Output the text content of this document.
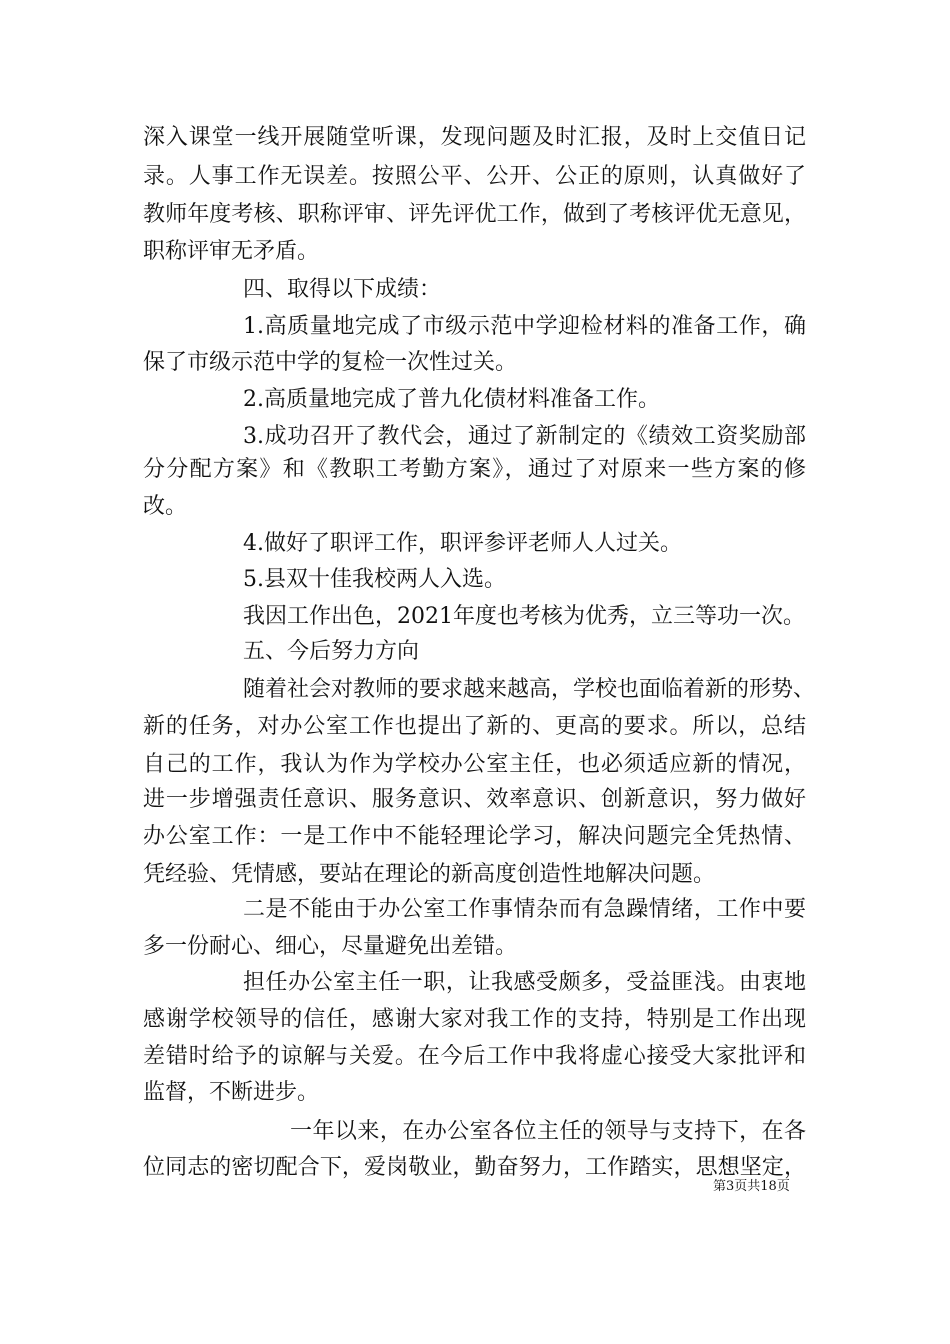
深入课堂一线开展随堂听课，发现问题及时汇报，及时上交值日记
录。人事工作无误差。按照公平、公开、公正的原则，认真做好了
教师年度考核、职称评审、评先评优工作，做到了考核评优无意见，
职称评审无矛盾。
四、取得以下成绩：
1.高质量地完成了市级示范中学迎检材料的准备工作，确
保了市级示范中学的复检一次性过关。
2.高质量地完成了普九化债材料准备工作。
3.成功召开了教代会，通过了新制定的《绩效工资奖励部
分分配方案》和《教职工考勤方案》，通过了对原来一些方案的修
改。
4.做好了职评工作，职评参评老师人人过关。
5.县双十佳我校两人入选。
我因工作出色，2021年度也考核为优秀，立三等功一次。
五、今后努力方向
随着社会对教师的要求越来越高，学校也面临着新的形势、
新的任务，对办公室工作也提出了新的、更高的要求。所以，总结
自己的工作，我认为作为学校办公室主任，也必须适应新的情况，
进一步增强责任意识、服务意识、效率意识、创新意识，努力做好
办公室工作：一是工作中不能轻理论学习，解决问题完全凭热情、
凭经验、凭情感，要站在理论的新高度创造性地解决问题。
二是不能由于办公室工作事情杂而有急躁情绪，工作中要
多一份耐心、细心，尽量避免出差错。
担任办公室主任一职，让我感受颇多，受益匪浅。由衷地
感谢学校领导的信任，感谢大家对我工作的支持，特别是工作出现
差错时给予的谅解与关爱。在今后工作中我将虚心接受大家批评和
监督，不断进步。
一年以来，在办公室各位主任的领导与支持下，在各
位同志的密切配合下，爱岗敬业，勤奋努力，工作踏实，思想坚定，
第3页共18页
